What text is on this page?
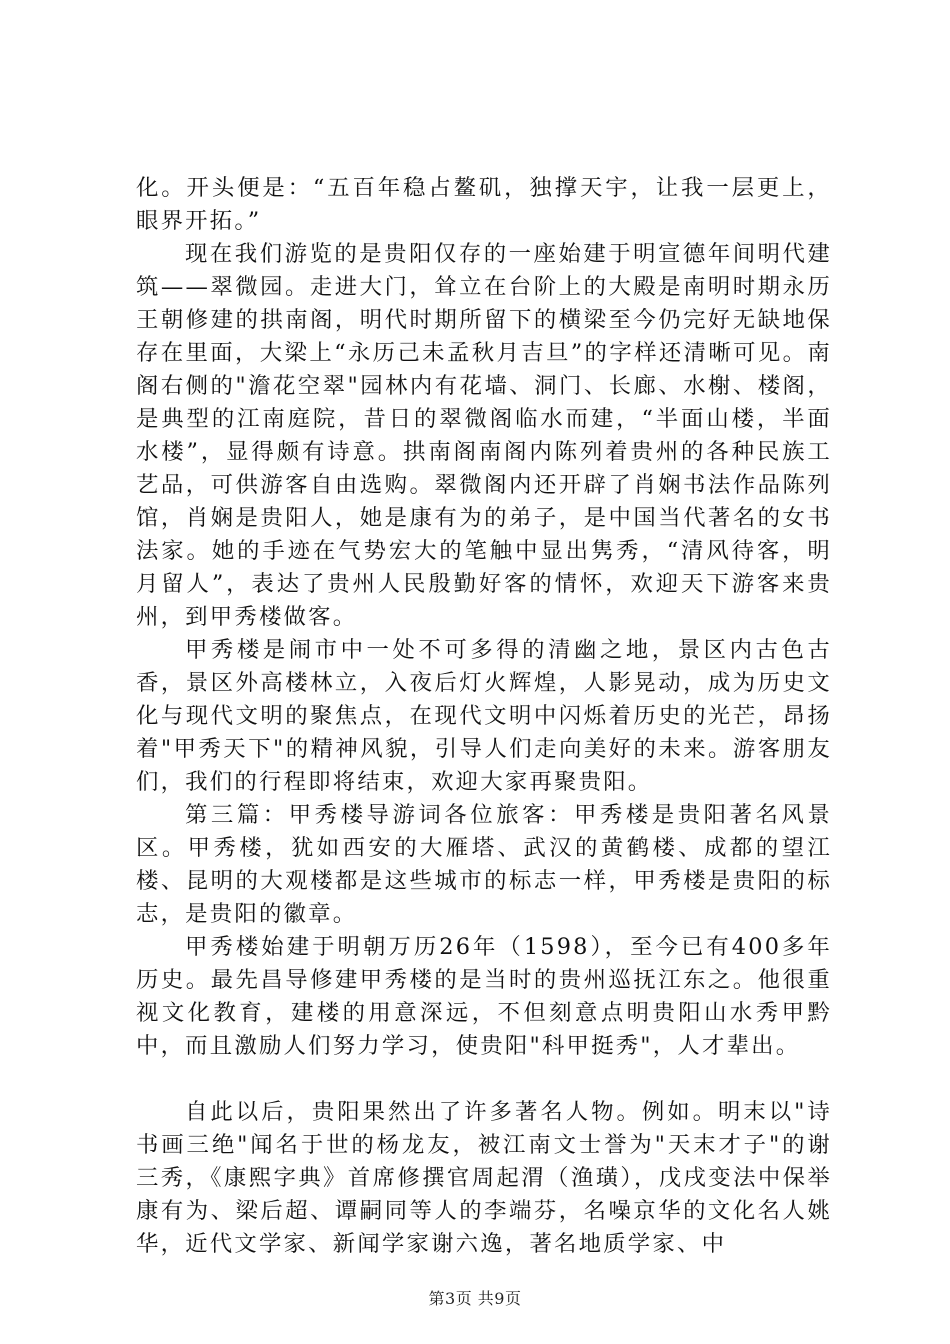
化。开头便是：“五百年稳占鳌矶，独撑天宇，让我一层更上，眼界开拓。”

现在我们游览的是贵阳仅存的一座始建于明宣德年间明代建筑——翠微园。走进大门，耸立在台阶上的大殿是南明时期永历王朝修建的拱南阁，明代时期所留下的横梁至今仍完好无缺地保存在里面，大梁上“永历己未孟秋月吉旦”的字样还清晰可见。南阁右侧的"澹花空翠"园林内有花墙、洞门、长廊、水榭、楼阁，是典型的江南庭院，昔日的翠微阁临水而建，“半面山楼，半面水楼”，显得颇有诗意。拱南阁南阁内陈列着贵州的各种民族工艺品，可供游客自由选购。翠微阁内还开辟了肖娴书法作品陈列馆，肖娴是贵阳人，她是康有为的弟子，是中国当代著名的女书法家。她的手迹在气势宏大的笔触中显出隽秀，“清风待客，明月留人”，表达了贵州人民殷勤好客的情怀，欢迎天下游客来贵州，到甲秀楼做客。

甲秀楼是闹市中一处不可多得的清幽之地，景区内古色古香，景区外高楼林立，入夜后灯火辉煌，人影晃动，成为历史文化与现代文明的聚焦点，在现代文明中闪烁着历史的光芒，昂扬着"甲秀天下"的精神风貌，引导人们走向美好的未来。游客朋友们，我们的行程即将结束，欢迎大家再聚贵阳。

第三篇：甲秀楼导游词各位旅客：甲秀楼是贵阳著名风景区。甲秀楼，犹如西安的大雁塔、武汉的黄鹤楼、成都的望江楼、昆明的大观楼都是这些城市的标志一样，甲秀楼是贵阳的标志，是贵阳的徽章。

甲秀楼始建于明朝万历26年（1598），至今已有400多年历史。最先昌导修建甲秀楼的是当时的贵州巡抚江东之。他很重视文化教育，建楼的用意深远，不但刻意点明贵阳山水秀甲黔中，而且激励人们努力学习，使贵阳"科甲挺秀"，人才辈出。

自此以后，贵阳果然出了许多著名人物。例如。明末以"诗书画三绝"闻名于世的杨龙友，被江南文士誉为"天末才子"的谢三秀，《康熙字典》首席修撰官周起渭（渔璜），戊戌变法中保举康有为、梁后超、谭嗣同等人的李端芬，名噪京华的文化名人姚华，近代文学家、新闻学家谢六逸，著名地质学家、中

第3页 共9页
